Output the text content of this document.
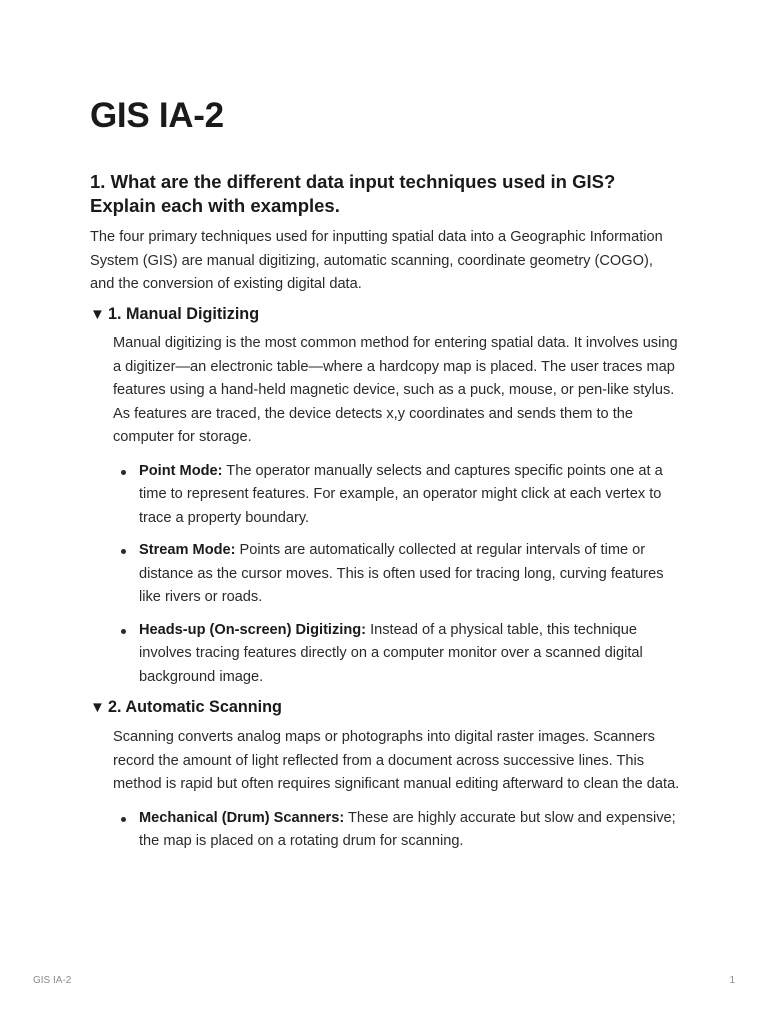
GIS IA-2
1. What are the different data input techniques used in GIS? Explain each with examples.

The four primary techniques used for inputting spatial data into a Geographic Information System (GIS) are manual digitizing, automatic scanning, coordinate geometry (COGO), and the conversion of existing digital data.

▼ 1. Manual Digitizing

Manual digitizing is the most common method for entering spatial data. It involves using a digitizer—an electronic table—where a hardcopy map is placed. The user traces map features using a hand-held magnetic device, such as a puck, mouse, or pen-like stylus. As features are traced, the device detects x,y coordinates and sends them to the computer for storage.

Point Mode: The operator manually selects and captures specific points one at a time to represent features. For example, an operator might click at each vertex to trace a property boundary.
Stream Mode: Points are automatically collected at regular intervals of time or distance as the cursor moves. This is often used for tracing long, curving features like rivers or roads.
Heads-up (On-screen) Digitizing: Instead of a physical table, this technique involves tracing features directly on a computer monitor over a scanned digital background image.
▼ 2. Automatic Scanning

Scanning converts analog maps or photographs into digital raster images. Scanners record the amount of light reflected from a document across successive lines. This method is rapid but often requires significant manual editing afterward to clean the data.

Mechanical (Drum) Scanners: These are highly accurate but slow and expensive; the map is placed on a rotating drum for scanning.
GIS IA-2	1
